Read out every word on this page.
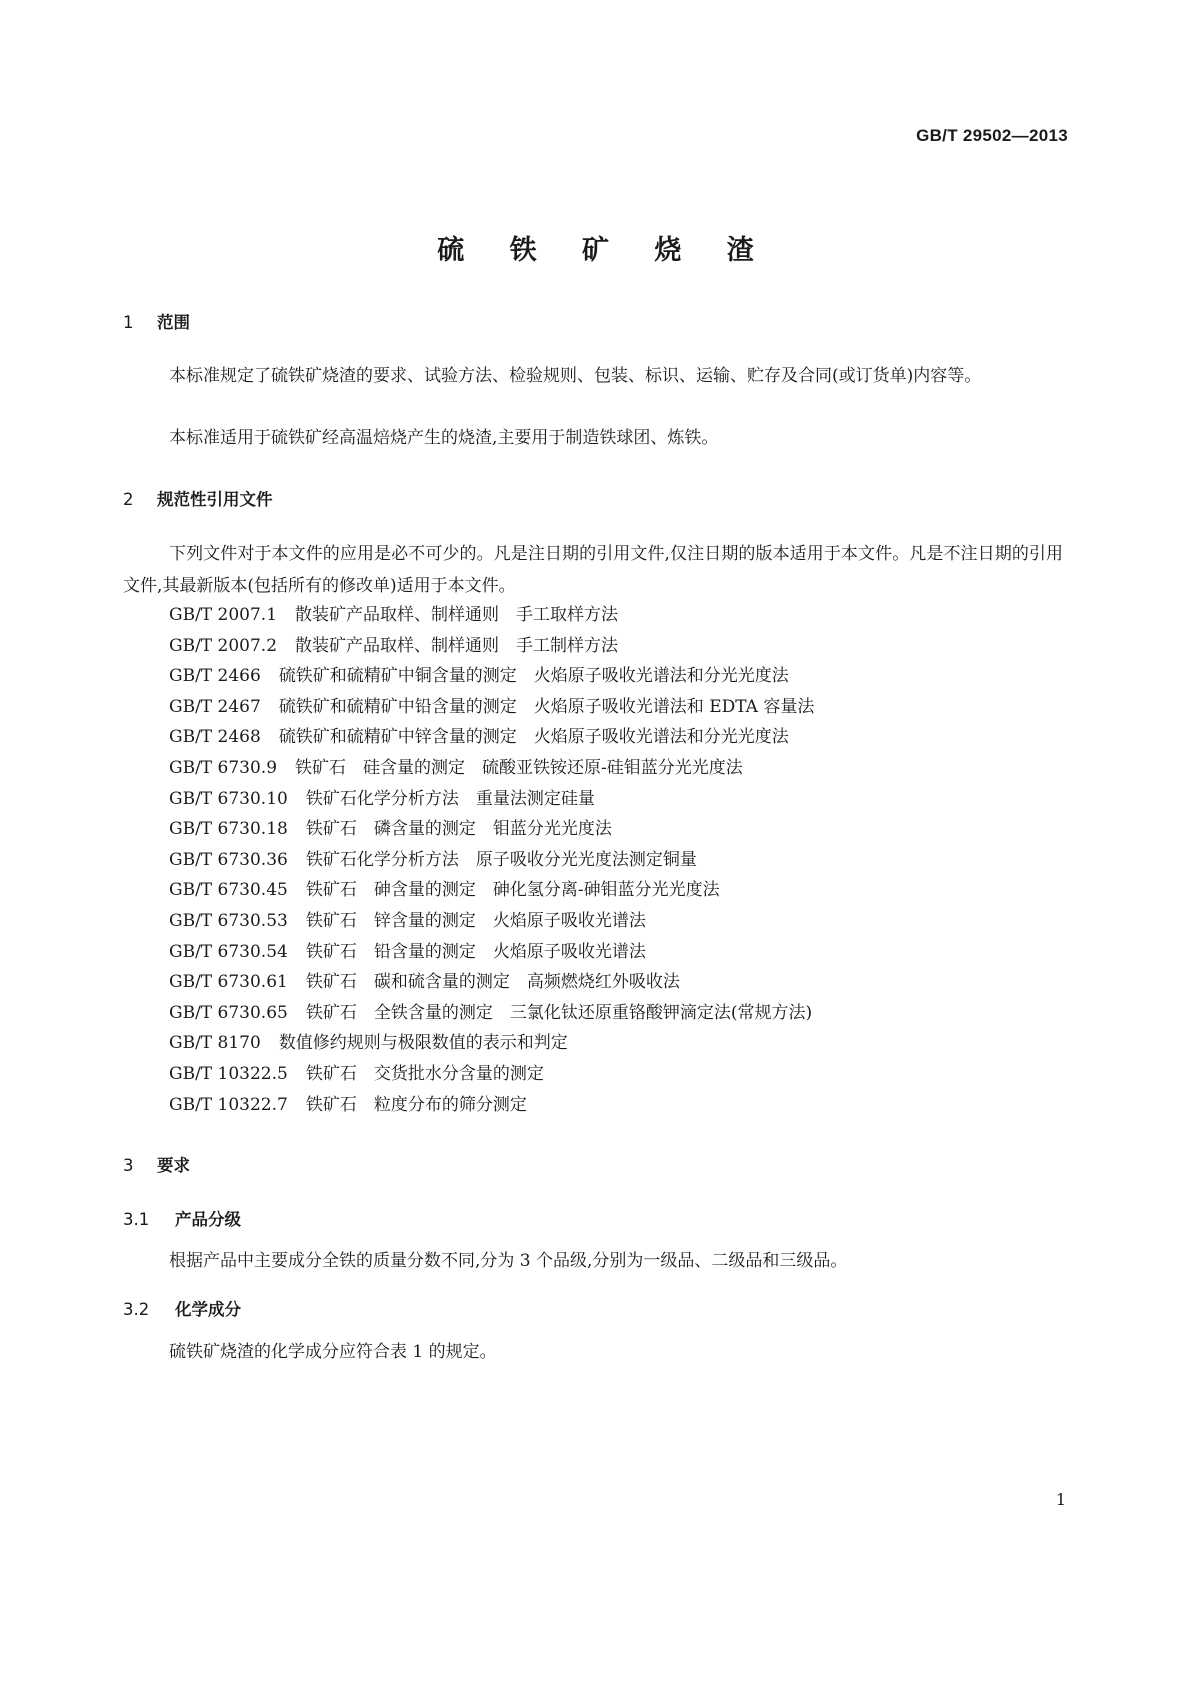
GB/T 29502—2013
硫 铁 矿 烧 渣
1 范围
本标准规定了硫铁矿烧渣的要求、试验方法、检验规则、包装、标识、运输、贮存及合同(或订货单)内容等。
本标准适用于硫铁矿经高温焙烧产生的烧渣,主要用于制造铁球团、炼铁。
2 规范性引用文件
下列文件对于本文件的应用是必不可少的。凡是注日期的引用文件,仅注日期的版本适用于本文件。凡是不注日期的引用文件,其最新版本(包括所有的修改单)适用于本文件。
GB/T 2007.1 散装矿产品取样、制样通则　手工取样方法
GB/T 2007.2 散装矿产品取样、制样通则　手工制样方法
GB/T 2466 硫铁矿和硫精矿中铜含量的测定　火焰原子吸收光谱法和分光光度法
GB/T 2467 硫铁矿和硫精矿中铅含量的测定　火焰原子吸收光谱法和 EDTA 容量法
GB/T 2468 硫铁矿和硫精矿中锌含量的测定　火焰原子吸收光谱法和分光光度法
GB/T 6730.9 铁矿石　硅含量的测定　硫酸亚铁铵还原-硅钼蓝分光光度法
GB/T 6730.10 铁矿石化学分析方法　重量法测定硅量
GB/T 6730.18 铁矿石　磷含量的测定　钼蓝分光光度法
GB/T 6730.36 铁矿石化学分析方法　原子吸收分光光度法测定铜量
GB/T 6730.45 铁矿石　砷含量的测定　砷化氢分离-砷钼蓝分光光度法
GB/T 6730.53 铁矿石　锌含量的测定　火焰原子吸收光谱法
GB/T 6730.54 铁矿石　铅含量的测定　火焰原子吸收光谱法
GB/T 6730.61 铁矿石　碳和硫含量的测定　高频燃烧红外吸收法
GB/T 6730.65 铁矿石　全铁含量的测定　三氯化钛还原重铬酸钾滴定法(常规方法)
GB/T 8170 数值修约规则与极限数值的表示和判定
GB/T 10322.5 铁矿石　交货批水分含量的测定
GB/T 10322.7 铁矿石　粒度分布的筛分测定
3 要求
3.1 产品分级
根据产品中主要成分全铁的质量分数不同,分为 3 个品级,分别为一级品、二级品和三级品。
3.2 化学成分
硫铁矿烧渣的化学成分应符合表 1 的规定。
1
